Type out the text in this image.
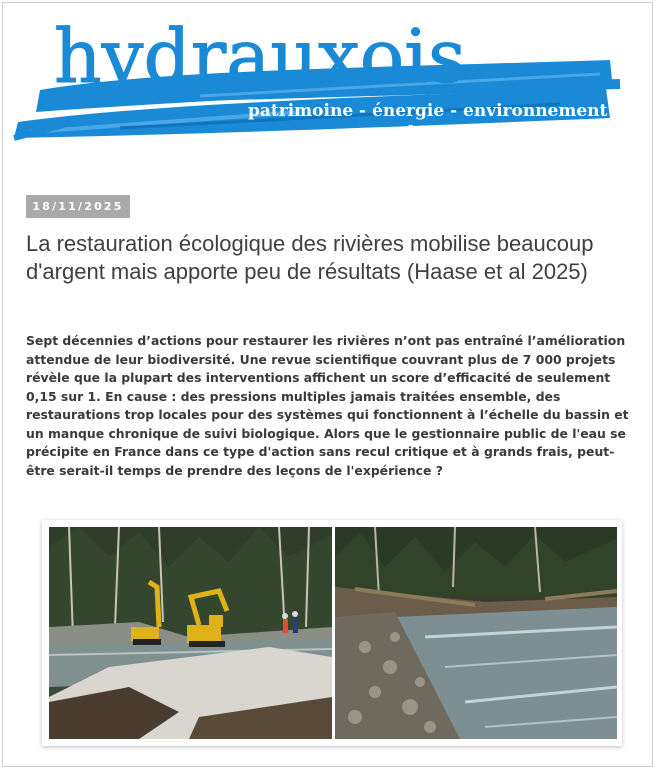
hydrauxois
patrimoine - énergie - environnement
pour des rivières durables
18/11/2025
La restauration écologique des rivières mobilise beaucoup d'argent mais apporte peu de résultats (Haase et al 2025)

Sept décennies d’actions pour restaurer les rivières n’ont pas entraîné l’amélioration attendue de leur biodiversité. Une revue scientifique couvrant plus de 7 000 projets révèle que la plupart des interventions affichent un score d’efficacité de seulement 0,15 sur 1. En cause : des pressions multiples jamais traitées ensemble, des restaurations trop locales pour des systèmes qui fonctionnent à l’échelle du bassin et un manque chronique de suivi biologique. Alors que le gestionnaire public de l'eau se précipite en France dans ce type d'action sans recul critique et à grands frais, peut-être serait-il temps de prendre des leçons de l'expérience ?
